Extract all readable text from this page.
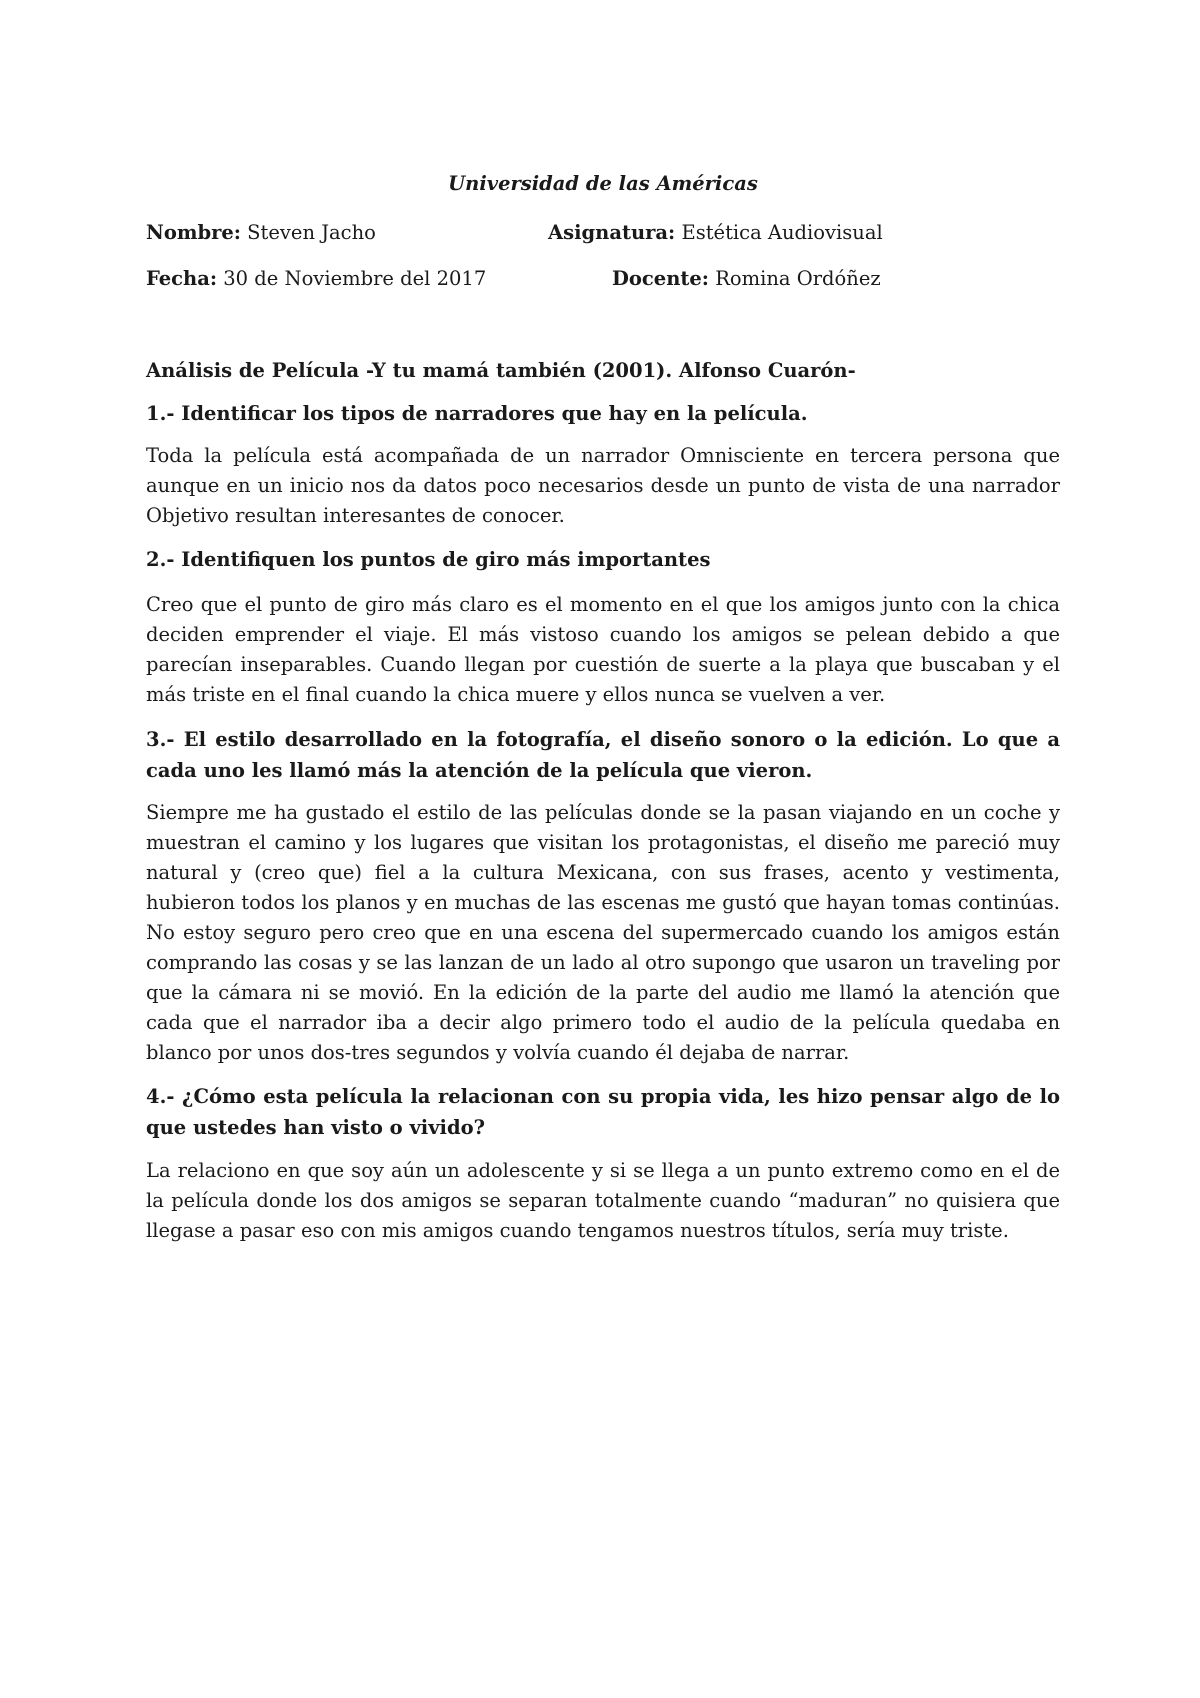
Universidad de las Américas

Nombre: Steven Jacho	Asignatura: Estética Audiovisual
Fecha: 30 de Noviembre del 2017	Docente: Romina Ordóñez

Análisis de Película -Y tu mamá también (2001). Alfonso Cuarón-

1.- Identificar los tipos de narradores que hay en la película.

Toda la película está acompañada de un narrador Omnisciente en tercera persona que aunque en un inicio nos da datos poco necesarios desde un punto de vista de una narrador Objetivo resultan interesantes de conocer.

2.- Identifiquen los puntos de giro más importantes

Creo que el punto de giro más claro es el momento en el que los amigos junto con la chica deciden emprender el viaje. El más vistoso cuando los amigos se pelean debido a que parecían inseparables. Cuando llegan por cuestión de suerte a la playa que buscaban y el más triste en el final cuando la chica muere y ellos nunca se vuelven a ver.

3.- El estilo desarrollado en la fotografía, el diseño sonoro o la edición. Lo que a cada uno les llamó más la atención de la película que vieron.

Siempre me ha gustado el estilo de las películas donde se la pasan viajando en un coche y muestran el camino y los lugares que visitan los protagonistas, el diseño me pareció muy natural y (creo que) fiel a la cultura Mexicana, con sus frases, acento y vestimenta, hubieron todos los planos y en muchas de las escenas me gustó que hayan tomas continúas. No estoy seguro pero creo que en una escena del supermercado cuando los amigos están comprando las cosas y se las lanzan de un lado al otro supongo que usaron un traveling por que la cámara ni se movió. En la edición de la parte del audio me llamó la atención que cada que el narrador iba a decir algo primero todo el audio de la película quedaba en blanco por unos dos-tres segundos y volvía cuando él dejaba de narrar.

4.- ¿Cómo esta película la relacionan con su propia vida, les hizo pensar algo de lo que ustedes han visto o vivido?

La relaciono en que soy aún un adolescente y si se llega a un punto extremo como en el de la película donde los dos amigos se separan totalmente cuando “maduran” no quisiera que llegase a pasar eso con mis amigos cuando tengamos nuestros títulos, sería muy triste.
